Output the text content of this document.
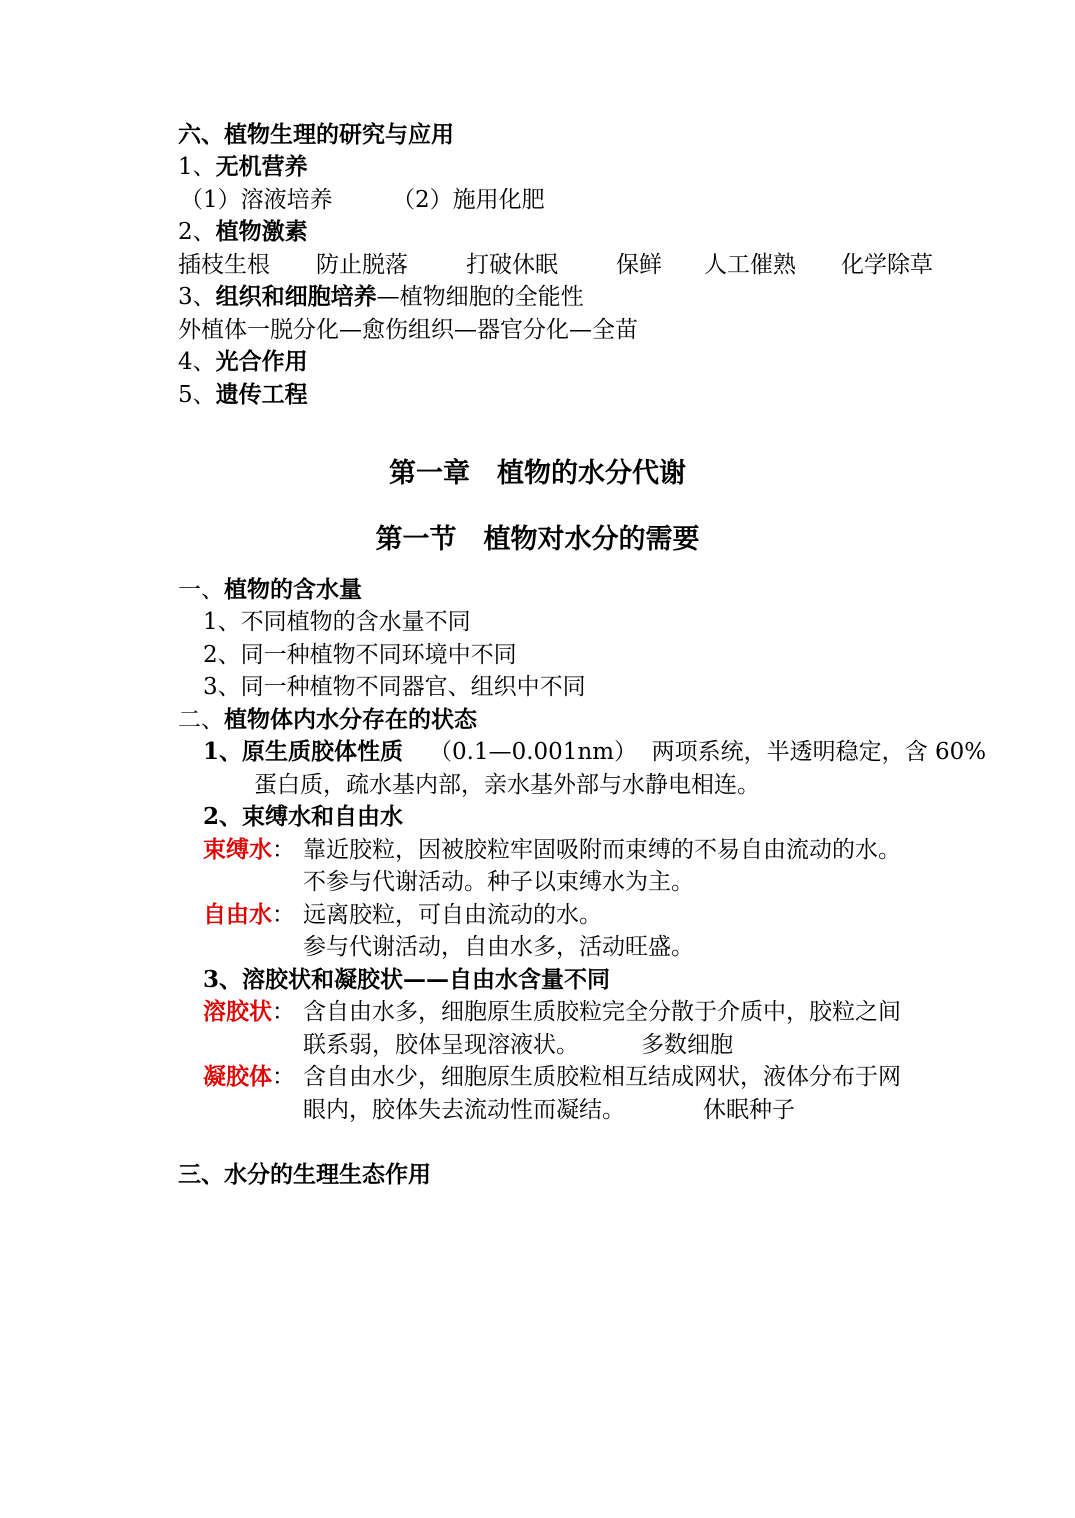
六、植物生理的研究与应用
1、无机营养
（1）溶液培养	（2）施用化肥
2、植物激素
插枝生根 防止脱落	打破休眠	保鲜 人工催熟 化学除草
3、组织和细胞培养—植物细胞的全能性
外植体一脱分化—愈伤组织—器官分化—全苗
4、光合作用
5、遗传工程
第一章　植物的水分代谢
第一节　植物对水分的需要
一、植物的含水量
1、不同植物的含水量不同
2、同一种植物不同环境中不同
3、同一种植物不同器官、组织中不同
二、植物体内水分存在的状态
1、原生质胶体性质 （0.1—0.001nm）  两项系统，半透明稳定，含 60%
蛋白质，疏水基内部，亲水基外部与水静电相连。
2、束缚水和自由水
束缚水： 靠近胶粒，因被胶粒牢固吸附而束缚的不易自由流动的水。
不参与代谢活动。种子以束缚水为主。
自由水： 远离胶粒，可自由流动的水。
参与代谢活动，自由水多，活动旺盛。
3、溶胶状和凝胶状——自由水含量不同
溶胶状： 含自由水多，细胞原生质胶粒完全分散于介质中，胶粒之间
联系弱，胶体呈现溶液状。	多数细胞
凝胶体： 含自由水少，细胞原生质胶粒相互结成网状，液体分布于网
眼内，胶体失去流动性而凝结。	休眠种子
三、水分的生理生态作用
